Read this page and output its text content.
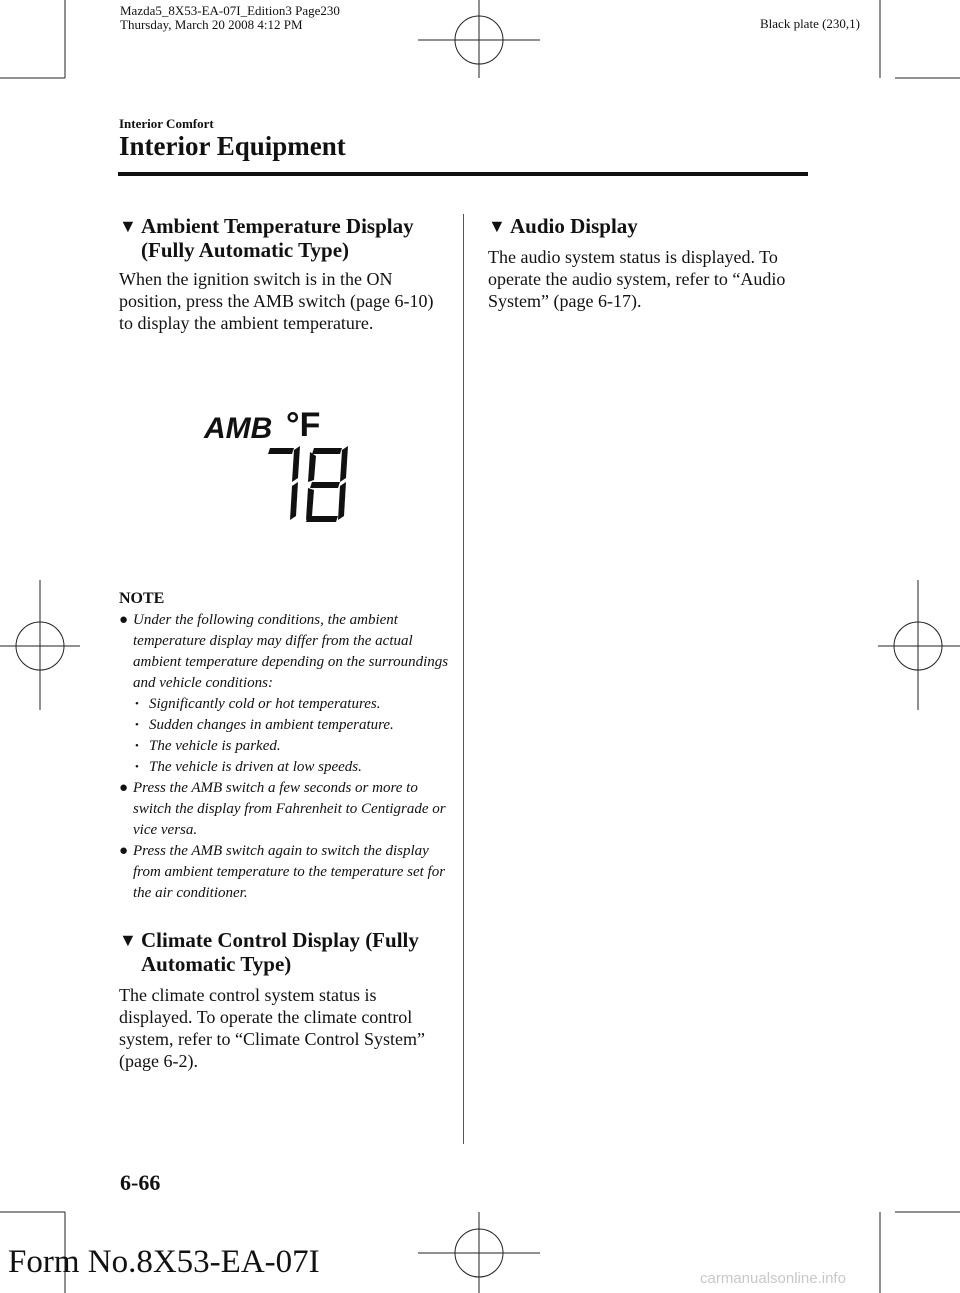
Mazda5_8X53-EA-07I_Edition3 Page230
Thursday, March 20 2008 4:12 PM	Black plate (230,1)
Interior Comfort
Interior Equipment
▼ Ambient Temperature Display
(Fully Automatic Type)

When the ignition switch is in the ON position, press the AMB switch (page 6-10) to display the ambient temperature.

AMB °F
NOTE
● Under the following conditions, the ambient temperature display may differ from the actual ambient temperature depending on the surroundings and vehicle conditions:
• Significantly cold or hot temperatures.
• Sudden changes in ambient temperature.
• The vehicle is parked.
• The vehicle is driven at low speeds.
● Press the AMB switch a few seconds or more to switch the display from Fahrenheit to Centigrade or vice versa.
● Press the AMB switch again to switch the display from ambient temperature to the temperature set for the air conditioner.
▼ Climate Control Display (Fully
Automatic Type)

The climate control system status is displayed. To operate the climate control system, refer to “Climate Control System” (page 6-2).

▼ Audio Display

The audio system status is displayed. To operate the audio system, refer to “Audio System” (page 6-17).

6-66
Form No.8X53-EA-07I	carmanualsonline.info
